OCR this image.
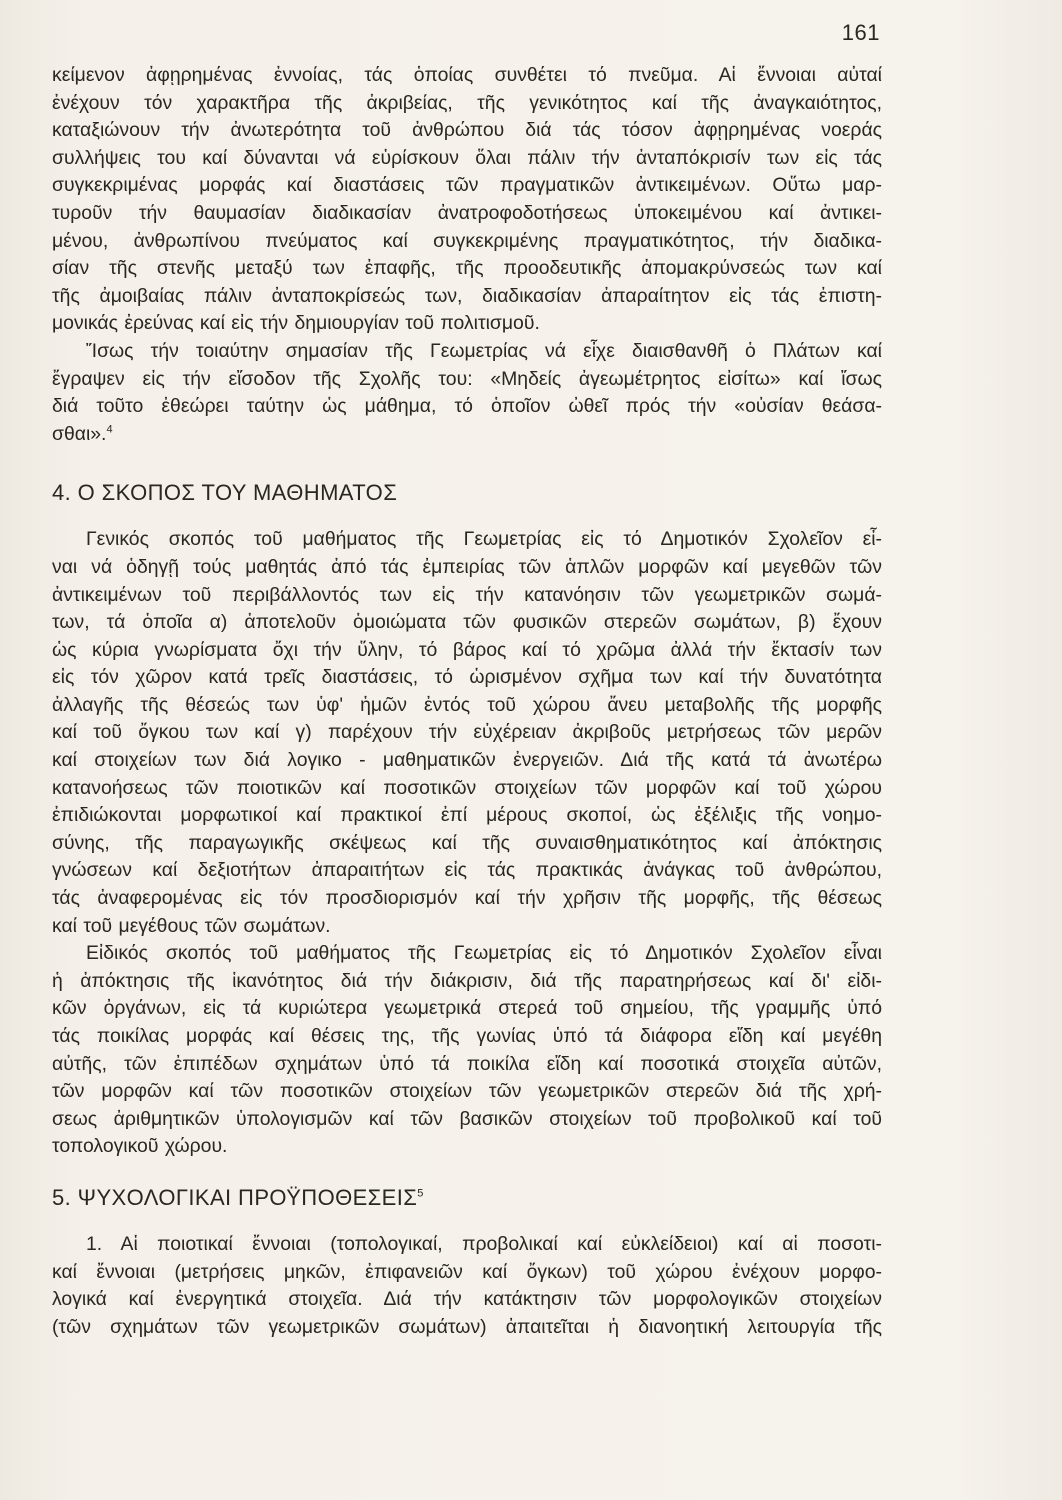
161
κείμενον ἀφῃρημένας ἐννοίας, τάς ὁποίας συνθέτει τό πνεῦμα. Αἱ ἔννοιαι αὐταί
ἐνέχουν τόν χαρακτῆρα τῆς ἀκριβείας, τῆς γενικότητος καί τῆς ἀναγκαιότητος,
καταξιώνουν τήν ἀνωτερότητα τοῦ ἀνθρώπου διά τάς τόσον ἀφῃρημένας νοεράς
συλλήψεις του καί δύνανται νά εὑρίσκουν ὅλαι πάλιν τήν ἀνταπόκρισίν των εἰς τάς
συγκεκριμένας μορφάς καί διαστάσεις τῶν πραγματικῶν ἀντικειμένων. Οὕτω μαρ-
τυροῦν τήν θαυμασίαν διαδικασίαν ἀνατροφοδοτήσεως ὑποκειμένου καί ἀντικει-
μένου, ἀνθρωπίνου πνεύματος καί συγκεκριμένης πραγματικότητος, τήν διαδικα-
σίαν τῆς στενῆς μεταξύ των ἐπαφῆς, τῆς προοδευτικῆς ἀπομακρύνσεώς των καί
τῆς ἀμοιβαίας πάλιν ἀνταποκρίσεώς των, διαδικασίαν ἀπαραίτητον εἰς τάς ἐπιστη-
μονικάς ἐρεύνας καί εἰς τήν δημιουργίαν τοῦ πολιτισμοῦ.
Ἴσως τήν τοιαύτην σημασίαν τῆς Γεωμετρίας νά εἶχε διαισθανθῆ ὁ Πλάτων καί
ἔγραψεν εἰς τήν εἴσοδον τῆς Σχολῆς του: «Μηδείς ἀγεωμέτρητος εἰσίτω» καί ἴσως
διά τοῦτο ἐθεώρει ταύτην ὡς μάθημα, τό ὁποῖον ὠθεῖ πρός τήν «οὐσίαν θεάσα-
σθαι».$^4$
4. Ο ΣΚΟΠΟΣ ΤΟΥ ΜΑΘΗΜΑΤΟΣ
Γενικός σκοπός τοῦ μαθήματος τῆς Γεωμετρίας εἰς τό Δημοτικόν Σχολεῖον εἶ-
ναι νά ὁδηγῇ τούς μαθητάς ἀπό τάς ἐμπειρίας τῶν ἁπλῶν μορφῶν καί μεγεθῶν τῶν
ἀντικειμένων τοῦ περιβάλλοντός των εἰς τήν κατανόησιν τῶν γεωμετρικῶν σωμά-
των, τά ὁποῖα α) ἀποτελοῦν ὁμοιώματα τῶν φυσικῶν στερεῶν σωμάτων, β) ἔχουν
ὡς κύρια γνωρίσματα ὄχι τήν ὕλην, τό βάρος καί τό χρῶμα ἀλλά τήν ἔκτασίν των
εἰς τόν χῶρον κατά τρεῖς διαστάσεις, τό ὡρισμένον σχῆμα των καί τήν δυνατότητα
ἀλλαγῆς τῆς θέσεώς των ὑφ' ἡμῶν ἐντός τοῦ χώρου ἄνευ μεταβολῆς τῆς μορφῆς
καί τοῦ ὄγκου των καί γ) παρέχουν τήν εὐχέρειαν ἀκριβοῦς μετρήσεως τῶν μερῶν
καί στοιχείων των διά λογικο - μαθηματικῶν ἐνεργειῶν. Διά τῆς κατά τά ἀνωτέρω
κατανοήσεως τῶν ποιοτικῶν καί ποσοτικῶν στοιχείων τῶν μορφῶν καί τοῦ χώρου
ἐπιδιώκονται μορφωτικοί καί πρακτικοί ἐπί μέρους σκοποί, ὡς ἐξέλιξις τῆς νοημο-
σύνης, τῆς παραγωγικῆς σκέψεως καί τῆς συναισθηματικότητος καί ἀπόκτησις
γνώσεων καί δεξιοτήτων ἀπαραιτήτων εἰς τάς πρακτικάς ἀνάγκας τοῦ ἀνθρώπου,
τάς ἀναφερομένας εἰς τόν προσδιορισμόν καί τήν χρῆσιν τῆς μορφῆς, τῆς θέσεως
καί τοῦ μεγέθους τῶν σωμάτων.
Εἰδικός σκοπός τοῦ μαθήματος τῆς Γεωμετρίας εἰς τό Δημοτικόν Σχολεῖον εἶναι
ἡ ἀπόκτησις τῆς ἱκανότητος διά τήν διάκρισιν, διά τῆς παρατηρήσεως καί δι' εἰδι-
κῶν ὀργάνων, εἰς τά κυριώτερα γεωμετρικά στερεά τοῦ σημείου, τῆς γραμμῆς ὑπό
τάς ποικίλας μορφάς καί θέσεις της, τῆς γωνίας ὑπό τά διάφορα εἴδη καί μεγέθη
αὐτῆς, τῶν ἐπιπέδων σχημάτων ὑπό τά ποικίλα εἴδη καί ποσοτικά στοιχεῖα αὐτῶν,
τῶν μορφῶν καί τῶν ποσοτικῶν στοιχείων τῶν γεωμετρικῶν στερεῶν διά τῆς χρή-
σεως ἀριθμητικῶν ὑπολογισμῶν καί τῶν βασικῶν στοιχείων τοῦ προβολικοῦ καί τοῦ
τοπολογικοῦ χώρου.
5. ΨΥΧΟΛΟΓΙΚΑΙ ΠΡΟΫΠΟΘΕΣΕΙΣ$^5$
1. Αἱ ποιοτικαί ἔννοιαι (τοπολογικαί, προβολικαί καί εὐκλείδειοι) καί αἱ ποσοτι-
καί ἔννοιαι (μετρήσεις μηκῶν, ἐπιφανειῶν καί ὄγκων) τοῦ χώρου ἐνέχουν μορφο-
λογικά καί ἐνεργητικά στοιχεῖα. Διά τήν κατάκτησιν τῶν μορφολογικῶν στοιχείων
(τῶν σχημάτων τῶν γεωμετρικῶν σωμάτων) ἀπαιτεῖται ἡ διανοητική λειτουργία τῆς
